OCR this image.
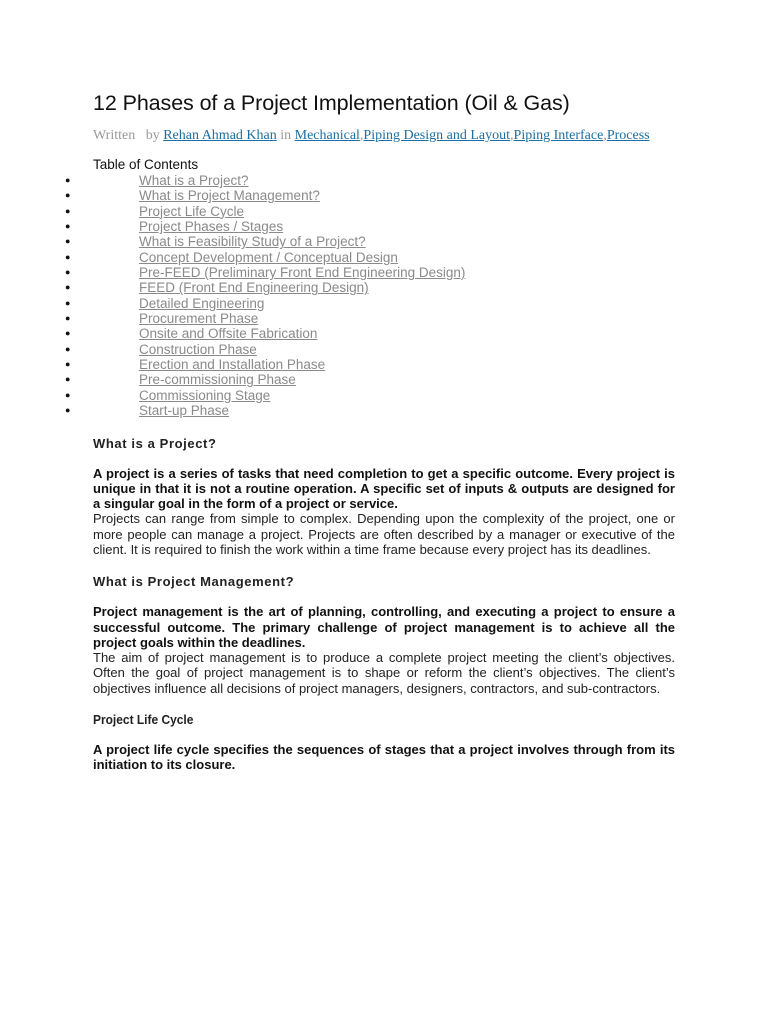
12 Phases of a Project Implementation (Oil & Gas)
Written by Rehan Ahmad Khan in Mechanical,Piping Design and Layout,Piping Interface,Process
Table of Contents
●	What is a Project?
●	What is Project Management?
●	Project Life Cycle
●	Project Phases / Stages
●	What is Feasibility Study of a Project?
●	Concept Development / Conceptual Design
●	Pre-FEED (Preliminary Front End Engineering Design)
●	FEED (Front End Engineering Design)
●	Detailed Engineering
●	Procurement Phase
●	Onsite and Offsite Fabrication
●	Construction Phase
●	Erection and Installation Phase
●	Pre-commissioning Phase
●	Commissioning Stage
●	Start-up Phase
What is a Project?

A project is a series of tasks that need completion to get a specific outcome. Every project is unique in that it is not a routine operation. A specific set of inputs & outputs are designed for a singular goal in the form of a project or service.

Projects can range from simple to complex. Depending upon the complexity of the project, one or more people can manage a project. Projects are often described by a manager or executive of the client. It is required to finish the work within a time frame because every project has its deadlines.

What is Project Management?

Project management is the art of planning, controlling, and executing a project to ensure a successful outcome. The primary challenge of project management is to achieve all the project goals within the deadlines.

The aim of project management is to produce a complete project meeting the client’s objectives. Often the goal of project management is to shape or reform the client’s objectives. The client’s objectives influence all decisions of project managers, designers, contractors, and sub-contractors.

Project Life Cycle

A project life cycle specifies the sequences of stages that a project involves through from its initiation to its closure.
